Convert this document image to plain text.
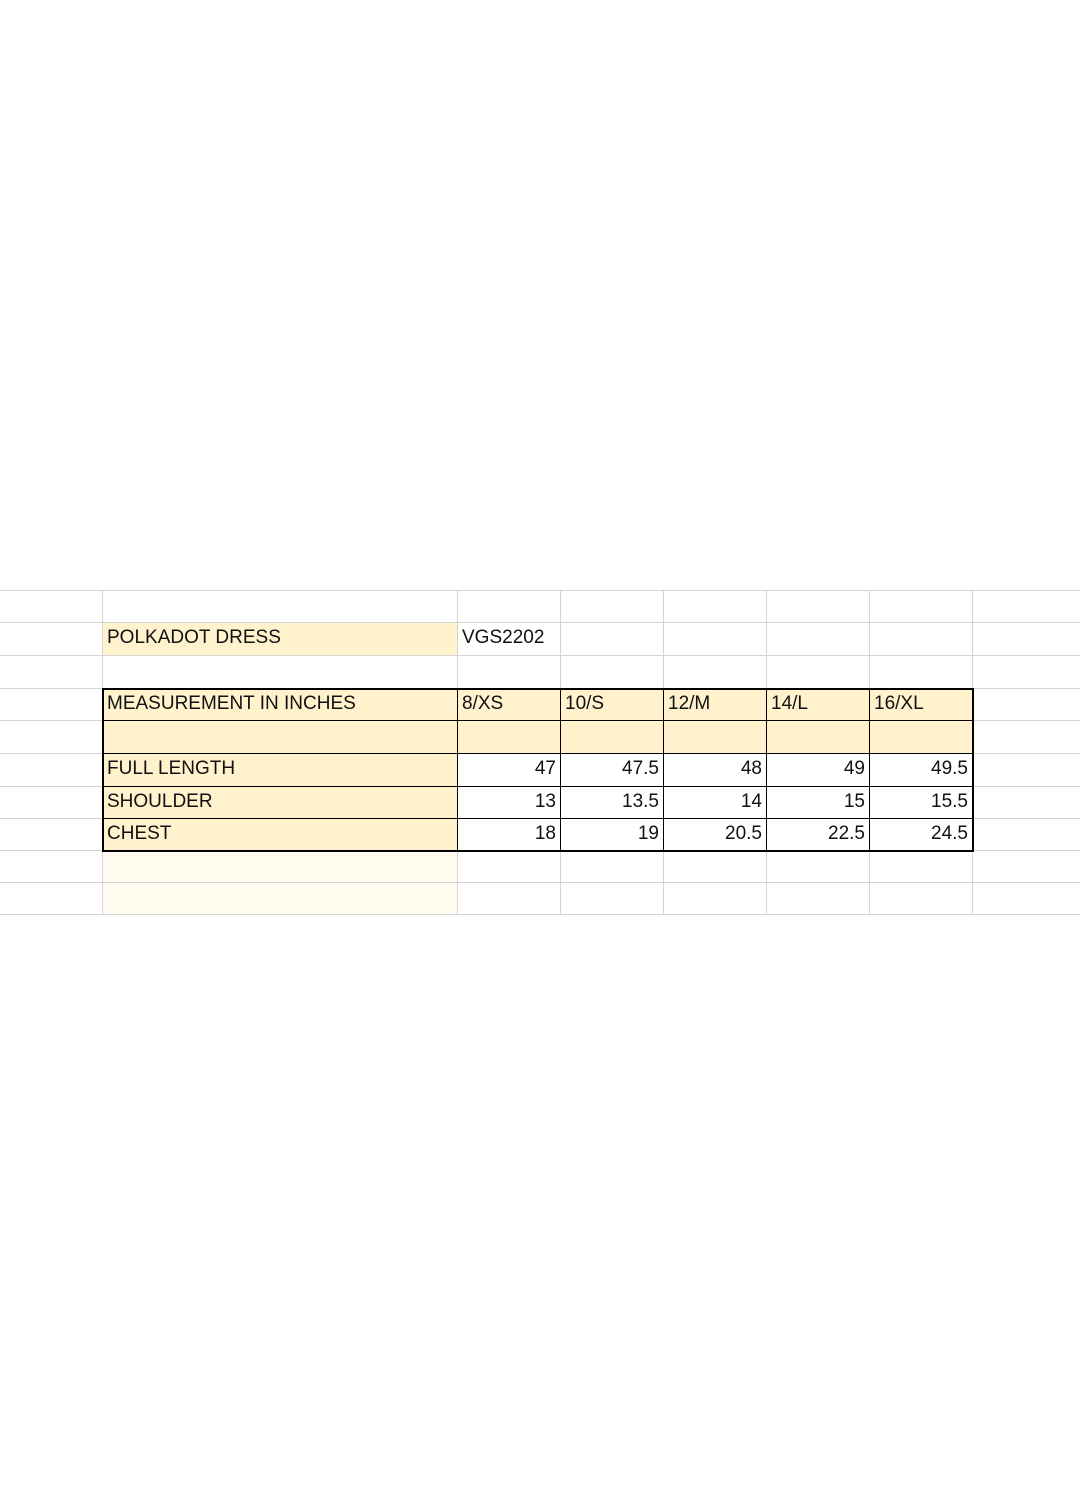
POLKADOT DRESS	VGS2202
MEASUREMENT IN INCHES	8/XS	10/S	12/M	14/L	16/XL
FULL LENGTH	47	47.5	48	49	49.5
SHOULDER	13	13.5	14	15	15.5
CHEST	18	19	20.5	22.5	24.5
